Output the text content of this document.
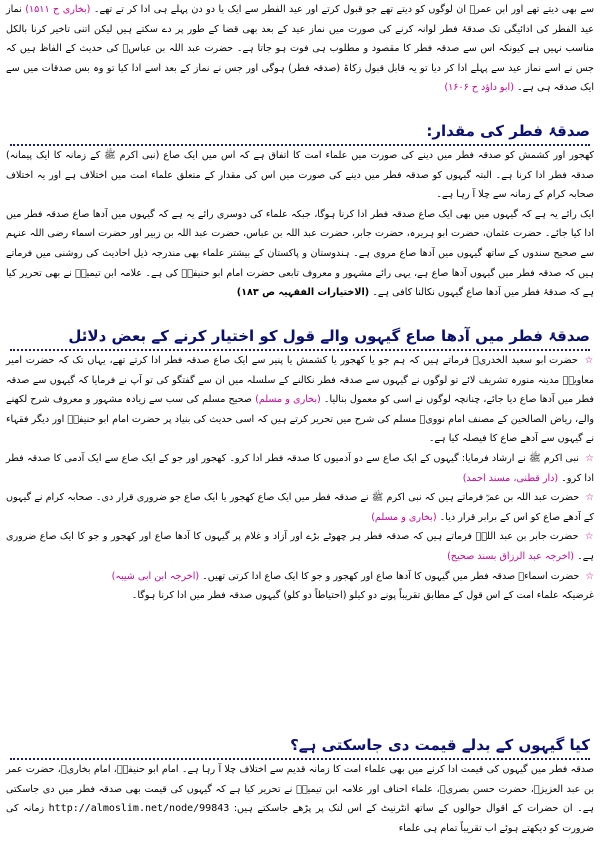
سے بھی دیتے تھے اور ابن عمرؓ ان لوگوں کو دیتے تھے جو قبول کرتے اور عید الفطر سے ایک یا دو دن پہلے ہی ادا کر تے تھے۔ (بخاری ح ۱۵۱۱) نماز عید الفطر کی ادائیگی تک صدقۂ فطر لوانہ کرنے کی صورت میں نماز عید کے بعد بھی قضا کے طور پر دے سکتے ہیں لیکن اتنی تاخیر کرنا بالکل مناسب نہیں ہے کیونکہ اس سے صدقہ فطر کا مقصود و مطلوب ہی فوت ہو جاتا ہے۔ حضرت عبد اللہ بن عباسؓ کی حدیث کے الفاظ ہیں کہ جس نے اسے نماز عید سے پہلے ادا کر دیا تو یہ قابل قبول زکاۃ (صدقہ فطر) ہوگی اور جس نے نماز کے بعد اسے ادا کیا تو وہ بس صدقات میں سے ایک صدقہ ہی ہے۔ (ابو داؤد ح ۱۶۰۶)

صدقۂ فطر کی مقدار:

کھجور اور کشمش کو صدقہ فطر میں دینے کی صورت میں علماء امت کا اتفاق ہے کہ اس میں ایک صاع (نبی اکرم ﷺ کے زمانہ کا ایک پیمانہ) صدقہ فطر ادا کرنا ہے۔ البتہ گیہوں کو صدقہ فطر میں دینے کی صورت میں اس کی مقدار کے متعلق علماء امت میں اختلاف ہے اور یہ اختلاف صحابہ کرام کے زمانہ سے چلا آ رہا ہے۔

ایک رائے یہ ہے کہ گیہوں میں بھی ایک صاع صدقہ فطر ادا کرنا ہوگا، جبکہ علماء کی دوسری رائے یہ ہے کہ گیہوں میں آدھا صاع صدقہ فطر میں ادا کیا جائے۔ حضرت عثمان، حضرت ابو ہریرہ، حضرت جابر، حضرت عبد اللہ بن عباس، حضرت عبد اللہ بن زبیر اور حضرت اسماء رضی اللہ عنہم سے صحیح سندوں کے ساتھ گیہوں میں آدھا صاع مروی ہے۔ ہندوستان و پاکستان کے بیشتر علماء بھی مندرجہ ذیل احادیث کی روشنی میں فرماتے ہیں کہ صدقہ فطر میں گیہوں آدھا صاع ہے، یہی رائے مشہور و معروف تابعی حضرت امام ابو حنیفہؒ کی ہے۔ علامہ ابن تیمیہؒ نے بھی تحریر کیا ہے کہ صدقۂ فطر میں آدھا صاع گیہوں نکالنا کافی ہے۔ (الاختیارات الفقہیہ ص ۱۸۳)

صدقۂ فطر میں آدھا صاع گیہوں والے قول کو اختیار کرنے کے بعض دلائل

☆ حضرت ابو سعید الخدریؓ فرماتے ہیں کہ ہم جو یا کھجور یا کشمش یا پنیر سے ایک صاع صدقہ فطر ادا کرتے تھے، یہاں تک کہ حضرت امیر معاویہؓ مدینہ منورہ تشریف لائے تو لوگوں نے گیہوں سے صدقہ فطر نکالنے کے سلسلہ میں ان سے گفتگو کی تو آپ نے فرمایا کہ گیہوں سے صدقہ فطر میں آدھا صاع دیا جائے، چنانچہ لوگوں نے اسی کو معمول بنالیا۔ (بخاری و مسلم) صحیح مسلم کی سب سے زیادہ مشہور و معروف شرح لکھنے والے، ریاض الصالحین کے مصنف امام نوویؒ مسلم کی شرح میں تحریر کرتے ہیں کہ اسی حدیث کی بنیاد پر حضرت امام ابو حنیفہؒ اور دیگر فقہاء نے گیہوں سے آدھے صاع کا فیصلہ کیا ہے۔

☆ نبی اکرم ﷺ نے ارشاد فرمایا: گیہوں کے ایک صاع سے دو آدمیوں کا صدقہ فطر ادا کرو۔ کھجور اور جو کے ایک صاع سے ایک آدمی کا صدقہ فطر ادا کرو۔ (دار قطنی، مسند احمد)

☆ حضرت عبد اللہ بن عمرؓ فرماتے ہیں کہ نبی اکرم ﷺ نے صدقہ فطر میں ایک صاع کھجور یا ایک صاع جو ضروری قرار دی۔ صحابہ کرام نے گیہوں کے آدھے صاع کو اس کے برابر قرار دیا۔ (بخاری و مسلم)

☆ حضرت جابر بن عبد اللہؓ فرماتے ہیں کہ صدقہ فطر ہر چھوٹے بڑے اور آزاد و غلام پر گیہوں کا آدھا صاع اور کھجور و جو کا ایک صاع ضروری ہے۔ (اخرجہ عبد الرزاق بسند صحیح)

☆ حضرت اسماءؓ صدقہ فطر میں گیہوں کا آدھا صاع اور کھجور و جو کا ایک صاع ادا کرتی تھیں۔ (اخرجہ ابن ابی شیبہ)

غرضیکہ علماء امت کے اس قول کے مطابق تقریباً پونے دو کیلو (احتیاطاً دو کلو) گیہوں صدقہ فطر میں ادا کرنا ہوگا۔

کیا گیہوں کے بدلے قیمت دی جاسکتی ہے؟

صدقہ فطر میں گیہوں کی قیمت ادا کرنے میں بھی علماء امت کا زمانہ قدیم سے اختلاف چلا آ رہا ہے۔ امام ابو حنیفہؒ، امام بخاریؒ، حضرت عمر بن عبد العزیزؒ، حضرت حسن بصریؒ، علماء احناف اور علامہ ابن تیمیہؒ نے تحریر کیا ہے کہ گیہوں کی قیمت بھی صدقہ فطر میں دی جاسکتی ہے۔ ان حضرات کے اقوال حوالوں کے ساتھ انٹرنیٹ کے اس لنک پر پڑھے جاسکتے ہیں: http://almoslim.net/node/99843 زمانہ کی ضرورت کو دیکھتے ہوئے اب تقریباً تمام ہی علماء
